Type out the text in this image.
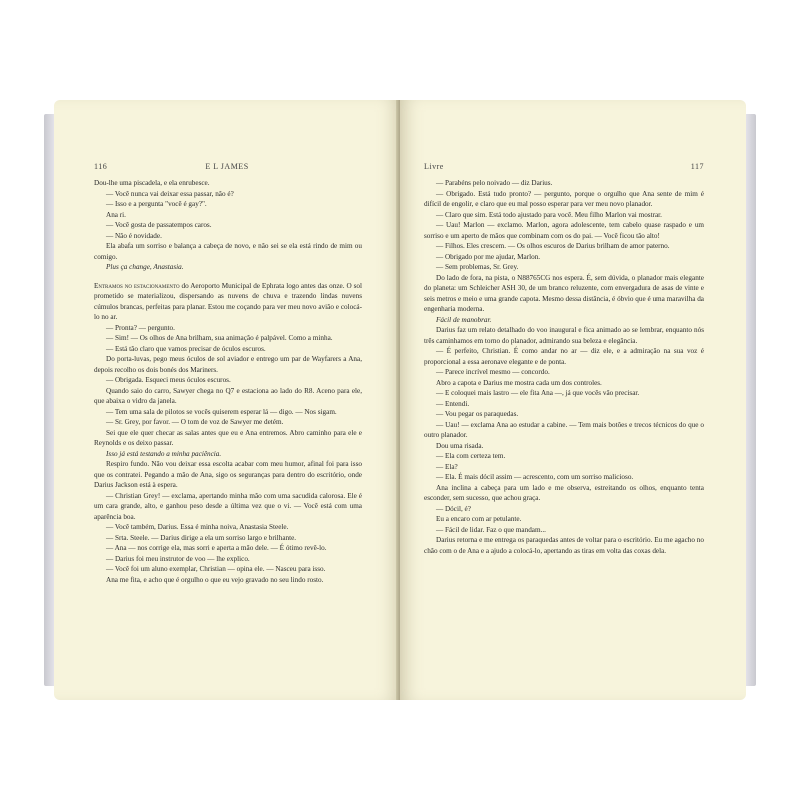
116	E L JAMES

Dou-lhe uma piscadela, e ela enrubesce.

— Você nunca vai deixar essa passar, não é?

— Isso e a pergunta "você é gay?".

Ana ri.

— Você gosta de passatempos caros.

— Não é novidade.

Ela abafa um sorriso e balança a cabeça de novo, e não sei se ela está rindo de mim ou comigo.

Plus ça change, Anastasia.

Entramos no estacionamento do Aeroporto Municipal de Ephrata logo antes das onze. O sol prometido se materializou, dispersando as nuvens de chuva e trazendo lindas nuvens cúmulos brancas, perfeitas para planar. Estou me coçando para ver meu novo avião e colocá-lo no ar.

— Pronta? — pergunto.

— Sim! — Os olhos de Ana brilham, sua animação é palpável. Como a minha.

— Está tão claro que vamos precisar de óculos escuros.

Do porta-luvas, pego meus óculos de sol aviador e entrego um par de Wayfarers a Ana, depois recolho os dois bonés dos Mariners.

— Obrigada. Esqueci meus óculos escuros.

Quando saio do carro, Sawyer chega no Q7 e estaciona ao lado do R8. Aceno para ele, que abaixa o vidro da janela.

— Tem uma sala de pilotos se vocês quiserem esperar lá — digo. — Nos sigam.

— Sr. Grey, por favor. — O tom de voz de Sawyer me detém.

Sei que ele quer checar as salas antes que eu e Ana entremos. Abro caminho para ele e Reynolds e os deixo passar.

Isso já está testando a minha paciência.

Respiro fundo. Não vou deixar essa escolta acabar com meu humor, afinal foi para isso que os contratei. Pegando a mão de Ana, sigo os seguranças para dentro do escritório, onde Darius Jackson está à espera.

— Christian Grey! — exclama, apertando minha mão com uma sacudida calorosa. Ele é um cara grande, alto, e ganhou peso desde a última vez que o vi. — Você está com uma aparência boa.

— Você também, Darius. Essa é minha noiva, Anastasia Steele.

— Srta. Steele. — Darius dirige a ela um sorriso largo e brilhante.

— Ana — nos corrige ela, mas sorri e aperta a mão dele. — É ótimo revê-lo.

— Darius foi meu instrutor de voo — lhe explico.

— Você foi um aluno exemplar, Christian — opina ele. — Nasceu para isso.

Ana me fita, e acho que é orgulho o que eu vejo gravado no seu lindo rosto.

Livre	117

— Parabéns pelo noivado — diz Darius.

— Obrigado. Está tudo pronto? — pergunto, porque o orgulho que Ana sente de mim é difícil de engolir, e claro que eu mal posso esperar para ver meu novo planador.

— Claro que sim. Está todo ajustado para você. Meu filho Marlon vai mostrar.

— Uau! Marlon — exclamo. Marlon, agora adolescente, tem cabelo quase raspado e um sorriso e um aperto de mãos que combinam com os do pai. — Você ficou tão alto!

— Filhos. Eles crescem. — Os olhos escuros de Darius brilham de amor paterno.

— Obrigado por me ajudar, Marlon.

— Sem problemas, Sr. Grey.

Do lado de fora, na pista, o N88765CG nos espera. É, sem dúvida, o planador mais elegante do planeta: um Schleicher ASH 30, de um branco reluzente, com envergadura de asas de vinte e seis metros e meio e uma grande capota. Mesmo dessa distância, é óbvio que é uma maravilha da engenharia moderna.

Fácil de manobrar.

Darius faz um relato detalhado do voo inaugural e fica animado ao se lembrar, enquanto nós três caminhamos em torno do planador, admirando sua beleza e elegância.

— É perfeito, Christian. É como andar no ar — diz ele, e a admiração na sua voz é proporcional a essa aeronave elegante e de ponta.

— Parece incrível mesmo — concordo.

Abro a capota e Darius me mostra cada um dos controles.

— E coloquei mais lastro — ele fita Ana —, já que vocês vão precisar.

— Entendi.

— Vou pegar os paraquedas.

— Uau! — exclama Ana ao estudar a cabine. — Tem mais botões e trecos técnicos do que o outro planador.

Dou uma risada.

— Ela com certeza tem.

— Ela?

— Ela. É mais dócil assim — acrescento, com um sorriso malicioso.

Ana inclina a cabeça para um lado e me observa, estreitando os olhos, enquanto tenta esconder, sem sucesso, que achou graça.

— Dócil, é?

Eu a encaro com ar petulante.

— Fácil de lidar. Faz o que mandam...

Darius retorna e me entrega os paraquedas antes de voltar para o escritório. Eu me agacho no chão com o de Ana e a ajudo a colocá-lo, apertando as tiras em volta das coxas dela.
